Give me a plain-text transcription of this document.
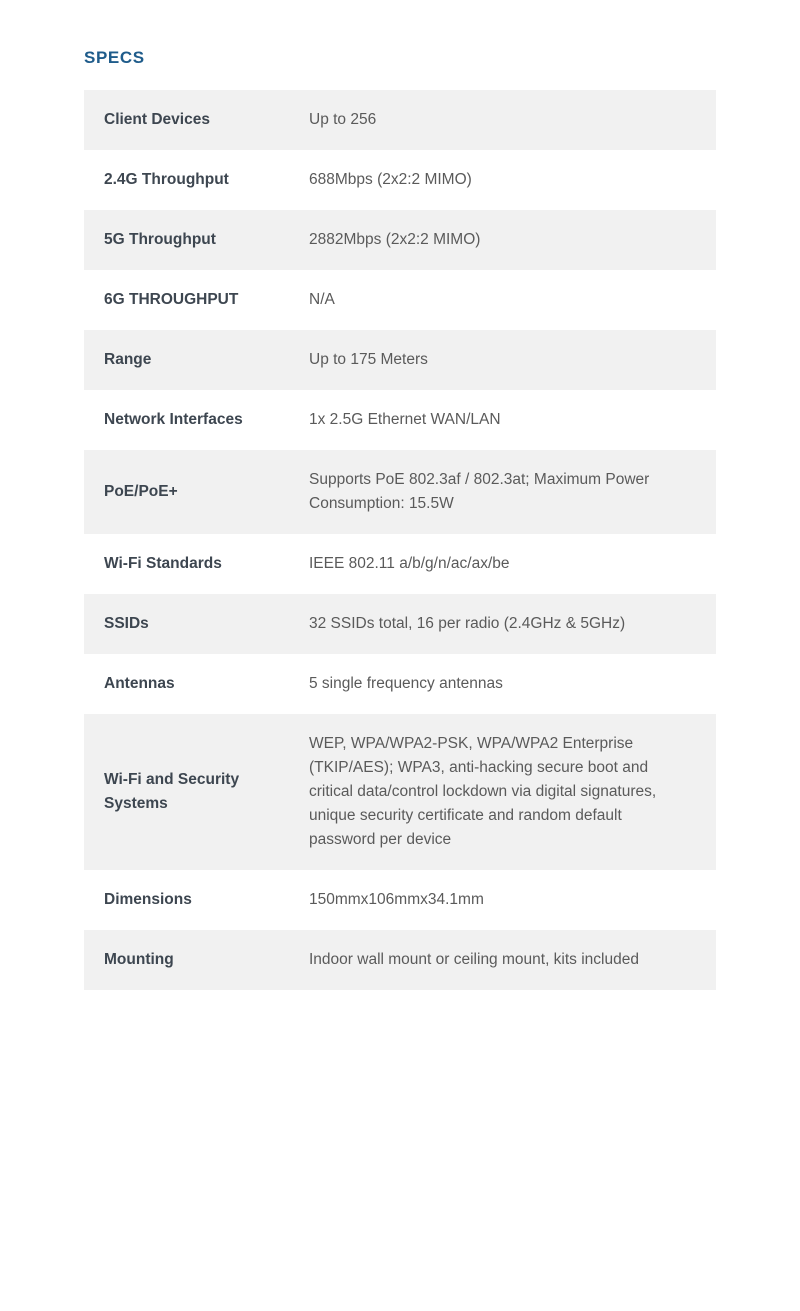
SPECS
Client Devices	Up to 256
2.4G Throughput	688Mbps (2x2:2 MIMO)
5G Throughput	2882Mbps (2x2:2 MIMO)
6G THROUGHPUT	N/A
Range	Up to 175 Meters
Network Interfaces	1x 2.5G Ethernet WAN/LAN
PoE/PoE+	Supports PoE 802.3af / 802.3at; Maximum Power Consumption: 15.5W
Wi-Fi Standards	IEEE 802.11 a/b/g/n/ac/ax/be
SSIDs	32 SSIDs total, 16 per radio (2.4GHz & 5GHz)
Antennas	5 single frequency antennas
Wi-Fi and Security Systems	WEP, WPA/WPA2-PSK, WPA/WPA2 Enterprise (TKIP/AES); WPA3, anti-hacking secure boot and critical data/control lockdown via digital signatures, unique security certificate and random default password per device
Dimensions	150mmx106mmx34.1mm
Mounting	Indoor wall mount or ceiling mount, kits included
